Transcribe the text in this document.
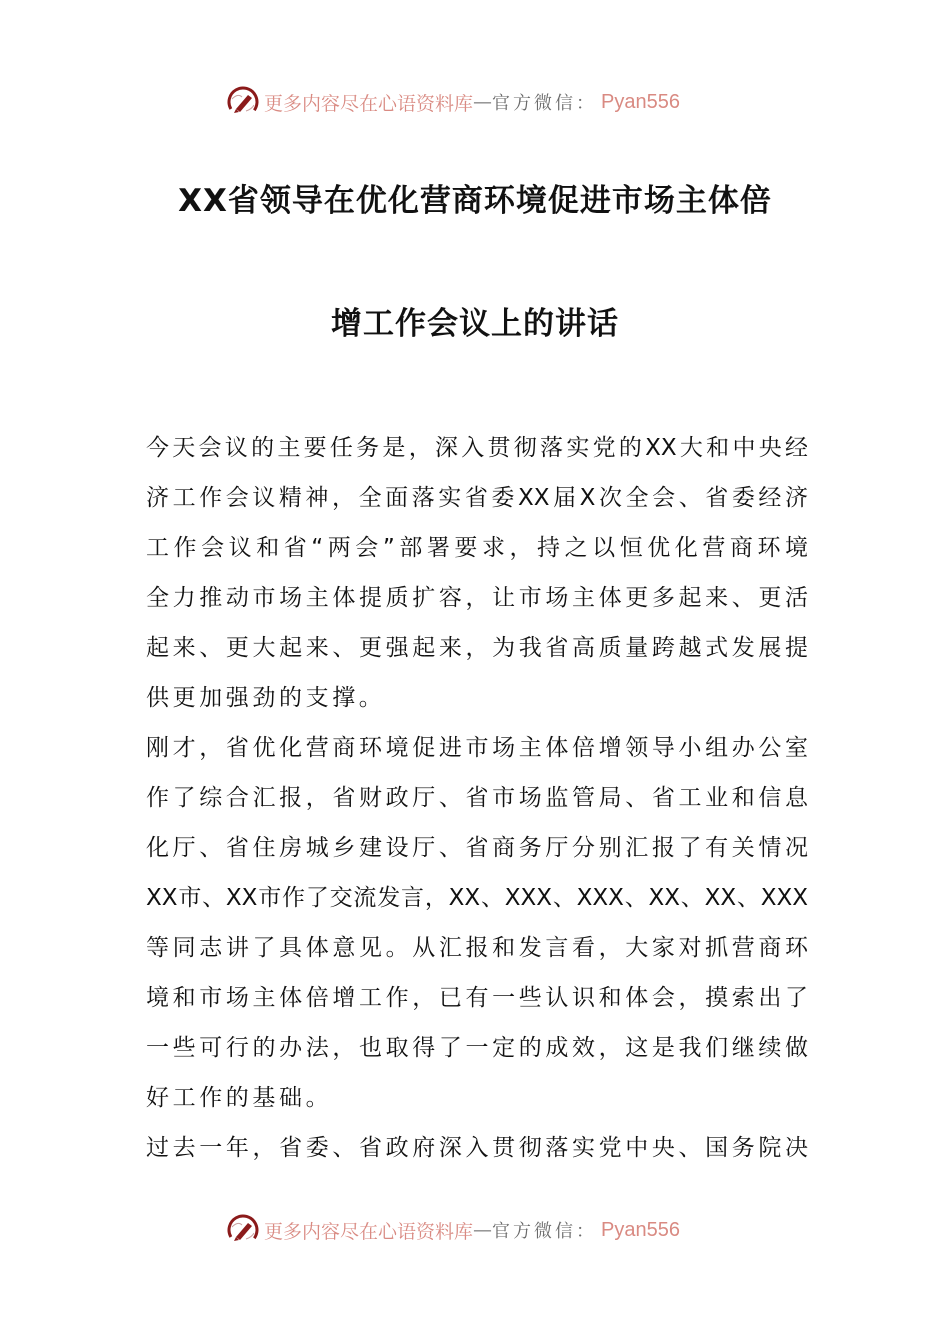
更多内容尽在心语资料库 — 官方微信： Pyan556
XX省领导在优化营商环境促进市场主体倍
增工作会议上的讲话
今天会议的主要任务是，深入贯彻落实党的XX大和中央经
济工作会议精神，全面落实省委XX届X次全会、省委经济
工作会议和省“两会”部署要求，持之以恒优化营商环境
全力推动市场主体提质扩容，让市场主体更多起来、更活
起来、更大起来、更强起来，为我省高质量跨越式发展提
供更加强劲的支撑。
刚才，省优化营商环境促进市场主体倍增领导小组办公室
作了综合汇报，省财政厅、省市场监管局、省工业和信息
化厅、省住房城乡建设厅、省商务厅分别汇报了有关情况
XX市、XX市作了交流发言，XX、XXX、XXX、XX、XX、XXX
等同志讲了具体意见。从汇报和发言看，大家对抓营商环
境和市场主体倍增工作，已有一些认识和体会，摸索出了
一些可行的办法，也取得了一定的成效，这是我们继续做
好工作的基础。
过去一年，省委、省政府深入贯彻落实党中央、国务院决
更多内容尽在心语资料库 — 官方微信： Pyan556
